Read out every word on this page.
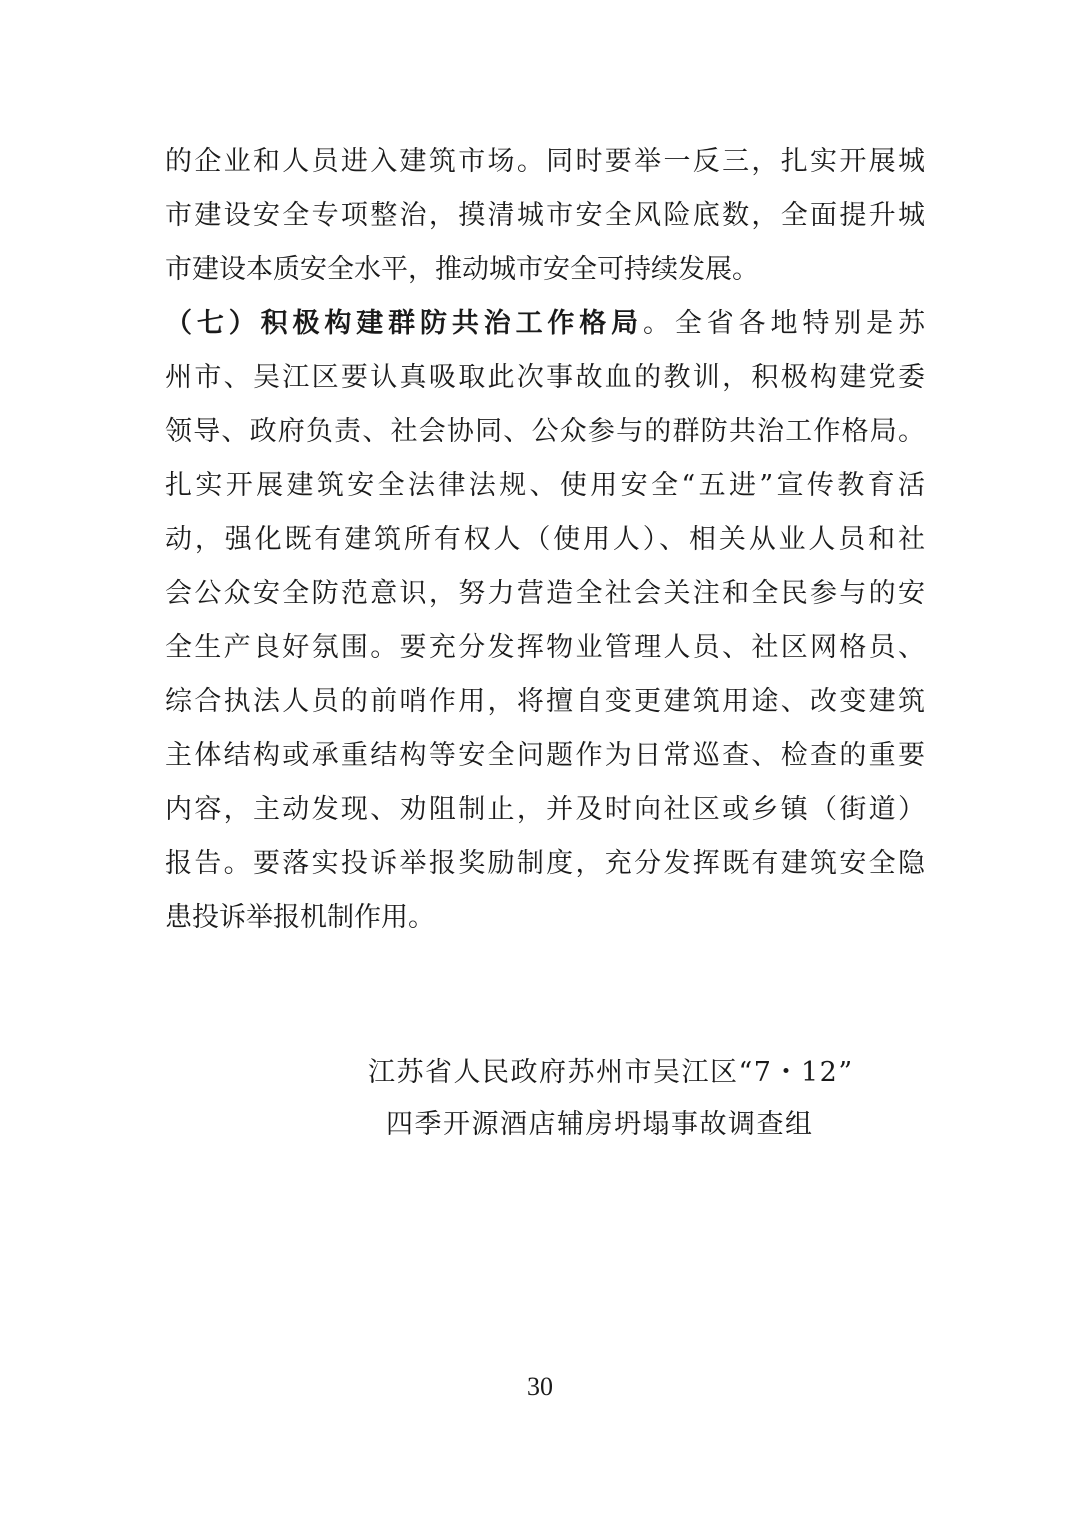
的企业和人员进入建筑市场。同时要举一反三，扎实开展城
市建设安全专项整治，摸清城市安全风险底数，全面提升城
市建设本质安全水平，推动城市安全可持续发展。
（七）积极构建群防共治工作格局。全省各地特别是苏
州市、吴江区要认真吸取此次事故血的教训，积极构建党委
领导、政府负责、社会协同、公众参与的群防共治工作格局。
扎实开展建筑安全法律法规、使用安全“五进”宣传教育活
动，强化既有建筑所有权人（使用人）、相关从业人员和社
会公众安全防范意识，努力营造全社会关注和全民参与的安
全生产良好氛围。要充分发挥物业管理人员、社区网格员、
综合执法人员的前哨作用，将擅自变更建筑用途、改变建筑
主体结构或承重结构等安全问题作为日常巡查、检查的重要
内容，主动发现、劝阻制止，并及时向社区或乡镇（街道）
报告。要落实投诉举报奖励制度，充分发挥既有建筑安全隐
患投诉举报机制作用。
江苏省人民政府苏州市吴江区“7・12”
四季开源酒店辅房坍塌事故调查组
30
